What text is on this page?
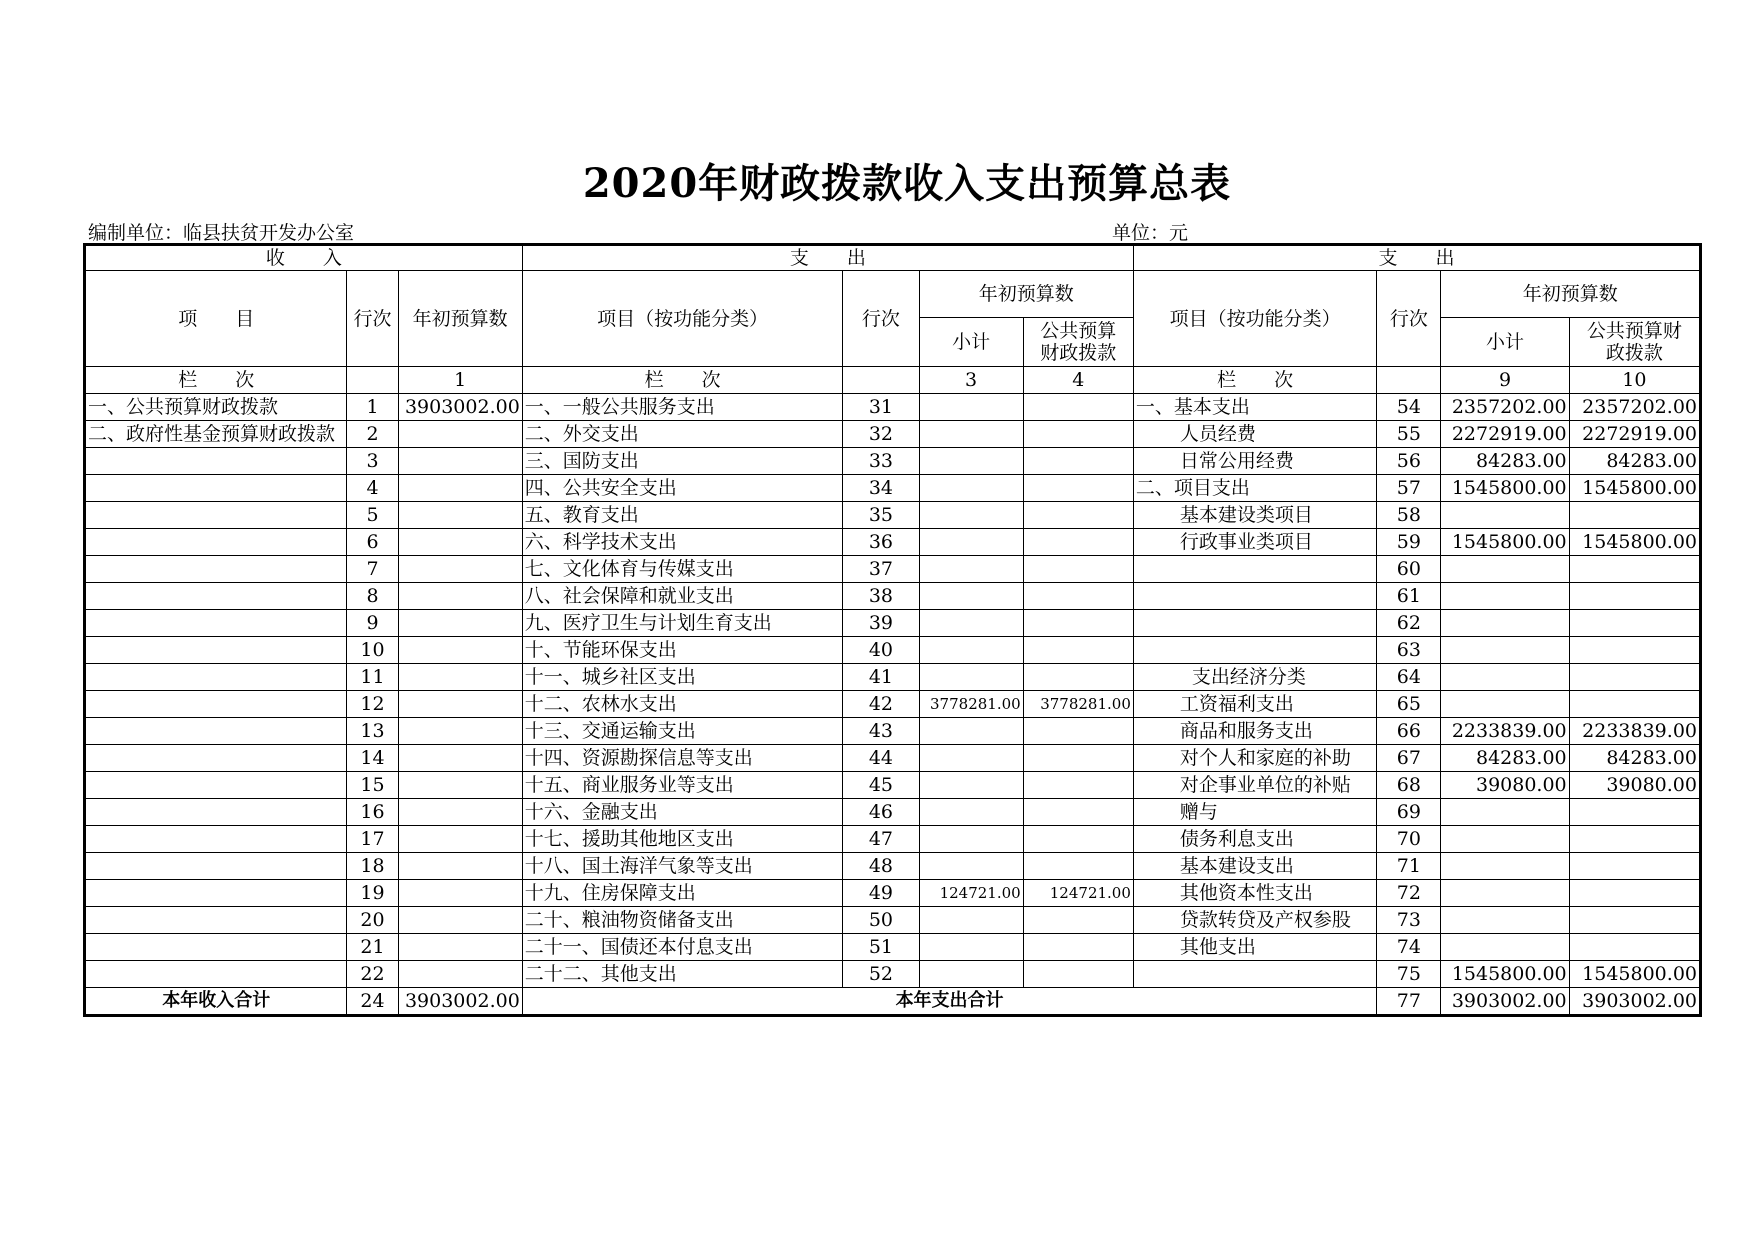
2020年财政拨款收入支出预算总表
编制单位：临县扶贫开发办公室	单位：元
收　　入			支　　出				支　　出			
项　　目	行次	年初预算数	项目（按功能分类）	行次	年初预算数		项目（按功能分类）	行次	年初预算数	
					小计	公共预算财政拨款			小计	公共预算财政拨款
栏　　次		1	栏　　次		3	4	栏　　次		9	10
一、公共预算财政拨款	1	3903002.00	一、一般公共服务支出	31			一、基本支出	54	2357202.00	2357202.00
二、政府性基金预算财政拨款	2		二、外交支出	32			人员经费	55	2272919.00	2272919.00
	3		三、国防支出	33			日常公用经费	56	84283.00	84283.00
	4		四、公共安全支出	34			二、项目支出	57	1545800.00	1545800.00
	5		五、教育支出	35			基本建设类项目	58		
	6		六、科学技术支出	36			行政事业类项目	59	1545800.00	1545800.00
	7		七、文化体育与传媒支出	37				60		
	8		八、社会保障和就业支出	38				61		
	9		九、医疗卫生与计划生育支出	39				62		
	10		十、节能环保支出	40				63		
	11		十一、城乡社区支出	41			支出经济分类	64		
	12		十二、农林水支出	42	3778281.00	3778281.00	工资福利支出	65		
	13		十三、交通运输支出	43			商品和服务支出	66	2233839.00	2233839.00
	14		十四、资源勘探信息等支出	44			对个人和家庭的补助	67	84283.00	84283.00
	15		十五、商业服务业等支出	45			对企事业单位的补贴	68	39080.00	39080.00
	16		十六、金融支出	46			赠与	69		
	17		十七、援助其他地区支出	47			债务利息支出	70		
	18		十八、国土海洋气象等支出	48			基本建设支出	71		
	19		十九、住房保障支出	49	124721.00	124721.00	其他资本性支出	72		
	20		二十、粮油物资储备支出	50			贷款转贷及产权参股	73		
	21		二十一、国债还本付息支出	51			其他支出	74		
	22		二十二、其他支出	52				75	1545800.00	1545800.00
本年收入合计	24	3903002.00	本年支出合计					77	3903002.00	3903002.00
